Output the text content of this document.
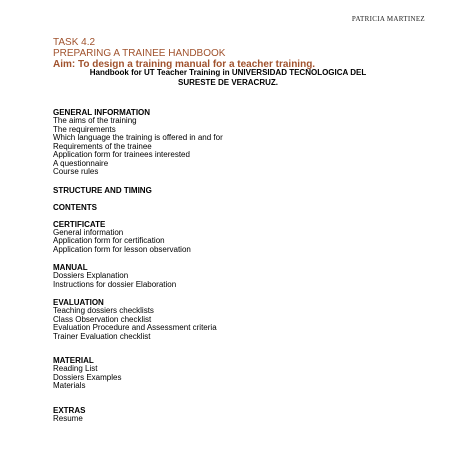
PATRICIA MARTINEZ
TASK 4.2
PREPARING A TRAINEE HANDBOOK
Aim: To design a training manual for a teacher training.
Handbook for UT Teacher Training in UNIVERSIDAD TECNOLOGICA DEL
SURESTE DE VERACRUZ.
GENERAL INFORMATION
The aims of the training
The requirements
Which language the training is offered in and for
Requirements of the trainee
Application form for trainees interested
A questionnaire
Course rules
STRUCTURE AND TIMING
CONTENTS
CERTIFICATE
General information
Application form for certification
Application form for lesson observation
MANUAL
Dossiers Explanation
Instructions for dossier Elaboration
EVALUATION
Teaching dossiers checklists
Class Observation checklist
Evaluation Procedure and Assessment criteria
Trainer Evaluation checklist
MATERIAL
Reading List
Dossiers Examples
Materials
EXTRAS
Resume
